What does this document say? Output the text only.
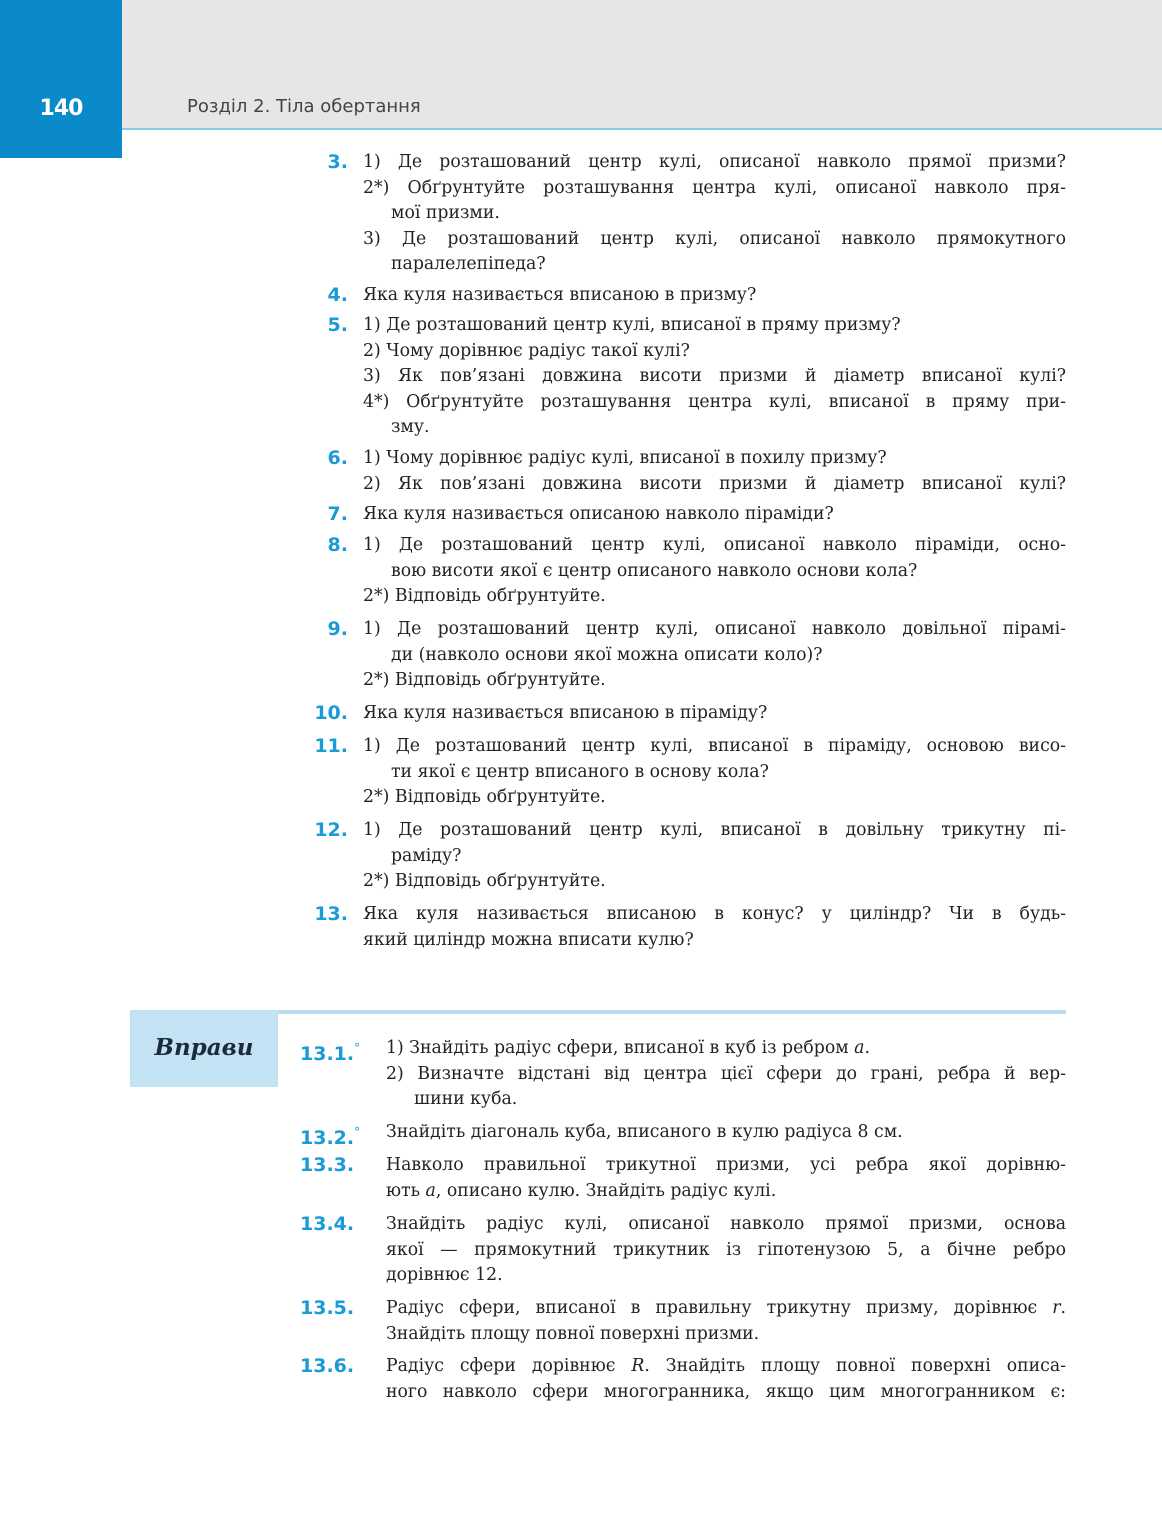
140	Розділ 2. Тіла обертання
3. 1) Де розташований центр кулі, описаної навколо прямої призми?
2*) Обґрунтуйте розташування центра кулі, описаної навколо пря-
мої призми.
3) Де розташований центр кулі, описаної навколо прямокутного
паралелепіпеда?
4. Яка куля називається вписаною в призму?
5. 1) Де розташований центр кулі, вписаної в пряму призму?
2) Чому дорівнює радіус такої кулі?
3) Як пов’язані довжина висоти призми й діаметр вписаної кулі?
4*) Обґрунтуйте розташування центра кулі, вписаної в пряму при-
зму.
6. 1) Чому дорівнює радіус кулі, вписаної в похилу призму?
2) Як пов’язані довжина висоти призми й діаметр вписаної кулі?
7. Яка куля називається описаною навколо піраміди?
8. 1) Де розташований центр кулі, описаної навколо піраміди, осно-
вою висоти якої є центр описаного навколо основи кола?
2*) Відповідь обґрунтуйте.
9. 1) Де розташований центр кулі, описаної навколо довільної пірамі-
ди (навколо основи якої можна описати коло)?
2*) Відповідь обґрунтуйте.
10. Яка куля називається вписаною в піраміду?
11. 1) Де розташований центр кулі, вписаної в піраміду, основою висо-
ти якої є центр вписаного в основу кола?
2*) Відповідь обґрунтуйте.
12. 1) Де розташований центр кулі, вписаної в довільну трикутну пі-
раміду?
2*) Відповідь обґрунтуйте.
13. Яка куля називається вписаною в конус? у циліндр? Чи в будь-
який циліндр можна вписати кулю?
Вправи	13.1.° 1) Знайдіть радіус сфери, вписаної в куб із ребром a.
2) Визначте відстані від центра цієї сфери до грані, ребра й вер-
шини куба.
13.2.° Знайдіть діагональ куба, вписаного в кулю радіуса 8 см.
13.3.	Навколо правильної трикутної призми, усі ребра якої дорівню-
ють a, описано кулю. Знайдіть радіус кулі.
13.4.	Знайдіть радіус кулі, описаної навколо прямої призми, основа
якої — прямокутний трикутник із гіпотенузою 5, а бічне ребро
дорівнює 12.
13.5.	Радіус сфери, вписаної в правильну трикутну призму, дорівнює r.
Знайдіть площу повної поверхні призми.
13.6.	Радіус сфери дорівнює R. Знайдіть площу повної поверхні описа-
ного навколо сфери многогранника, якщо цим многогранником є:
